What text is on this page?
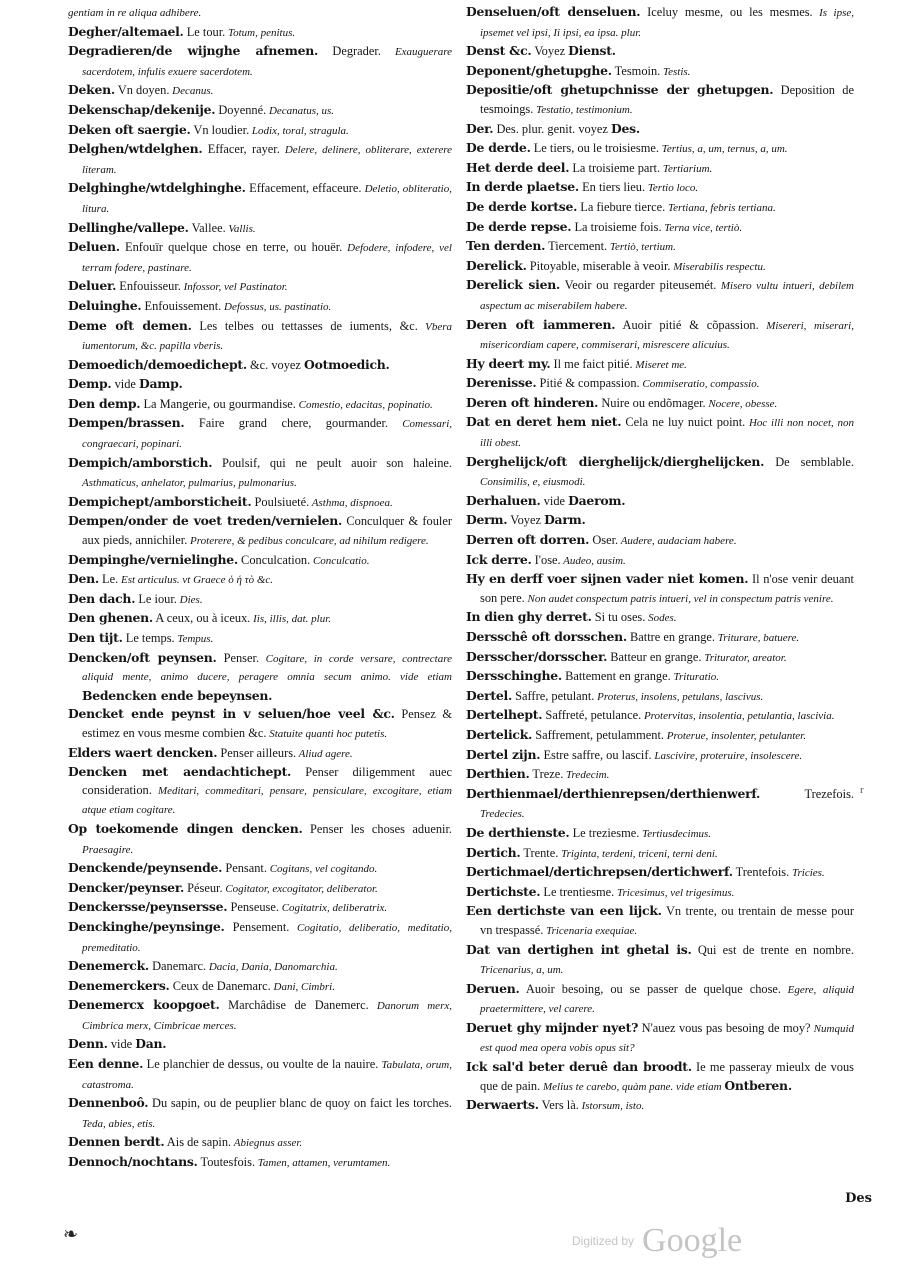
gentiam in re aliqua adhibere.
Degher/altemael. Le tour. Totum, penitus.
Degradieren/de wijnghe afnemen. Degrader. Exauguerare sacerdotem, infulis exuere sacerdotem.
Deken. Vn doyen. Decanus.
Dekenschap/dekenije. Doyenné. Decanatus, us.
Deken oft saergie. Vn loudier. Lodix, toral, stragula.
Delghen/wtdelghen. Effacer, rayer. Delere, delinere, obliterare, exterere literam.
Delghinghe/wtdelghinghe. Effacement, effaceure. Deletio, obliteratio, litura.
Dellinghe/vallepe. Vallee. Vallis.
Deluen. Enfouïr quelque chose en terre, ou houër. Defodere, infodere, vel terram fodere, pastinare.
Deluer. Enfouisseur. Infossor, vel Pastinator.
Deluinghe. Enfouissement. Defossus, us. pastinatio.
Deme oft demen. Les telbes ou tettasses de iuments, &c. Vbera iumentorum, &c. papilla vberis.
Demoedich/demoedichept. &c. voyez Ootmoedich.
Demp. vide Damp.
Den demp. La Mangerie, ou gourmandise. Comestio, edacitas, popinatio.
Dempen/brassen. Faire grand chere, gourmander. Comessari, congraecari, popinari.
Dempich/amborstich. Poulsif, qui ne peult auoir son haleine. Asthmaticus, anhelator, pulmarius, pulmonarius.
Dempichept/amborsticheit. Poulsiueté. Asthma, dispnoea.
Dempen/onder de voet treden/vernielen. Conculquer & fouler aux pieds, annichiler. Proterere, & pedibus conculcare, ad nihilum redigere.
Dempinghe/vernielinghe. Conculcation. Conculcatio.
Den. Le. Est articulus. vt Graece ὁ ἡ τὸ &c.
Den dach. Le iour. Dies.
Den ghenen. A ceux, ou à iceux. Iis, illis, dat. plur.
Den tijt. Le temps. Tempus.
Dencken/oft peynsen. Penser. Cogitare, in corde versare, contrectare aliquid mente, animo ducere, peragere omnia secum animo. vide etiam Bedencken ende bepeynsen.
Dencket ende peynst in v seluen/hoe veel &c. Pensez & estimez en vous mesme combien &c. Statuite quanti hoc putetis.
Elders waert dencken. Penser ailleurs. Aliud agere.
Dencken met aendachtichept. Penser diligemment auec consideration. Meditari, commeditari, pensare, pensiculare, excogitare, etiam atque etiam cogitare.
Op toekomende dingen dencken. Penser les choses aduenir. Praesagire.
Denckende/peynsende. Pensant. Cogitans, vel cogitando.
Dencker/peynser. Péseur. Cogitator, excogitator, deliberator.
Denckersse/peynsersse. Penseuse. Cogitatrix, deliberatrix.
Denckinghe/peynsinge. Pensement. Cogitatio, deliberatio, meditatio, premeditatio.
Denemerck. Danemarc. Dacia, Dania, Danomarchia.
Denemerckers. Ceux de Danemarc. Dani, Cimbri.
Denemercx koopgoet. Marchâdise de Danemerc. Danorum merx, Cimbrica merx, Cimbricae merces.
Denn. vide Dan.
Een denne. Le planchier de dessus, ou voulte de la nauire. Tabulata, orum, catastroma.
Dennenboô. Du sapin, ou de peuplier blanc de quoy on faict les torches. Teda, abies, etis.
Dennen berdt. Ais de sapin. Abiegnus asser.
Dennoch/nochtans. Toutesfois. Tamen, attamen, verumtamen.
Denseluen/oft denseluen. Iceluy mesme, ou les mesmes. Is ipse, ipsemet vel ipsi, Ii ipsi, ea ipsa. plur.
Denst &c. Voyez Dienst.
Deponent/ghetupghe. Tesmoin. Testis.
Depositie/oft ghetupchnisse der ghetupgen. Deposition de tesmoings. Testatio, testimonium.
Der. Des. plur. genit. voyez Des.
De derde. Le tiers, ou le troisiesme. Tertius, a, um, ternus, a, um.
Het derde deel. La troisieme part. Tertiarium.
In derde plaetse. En tiers lieu. Tertio loco.
De derde kortse. La fiebure tierce. Tertiana, febris tertiana.
De derde repse. La troisieme fois. Terna vice, tertiò.
Ten derden. Tiercement. Tertiò, tertium.
Derelick. Pitoyable, miserable à veoir. Miserabilis respectu.
Derelick sien. Veoir ou regarder piteusemét. Misero vultu intueri, debilem aspectum ac miserabilem habere.
Deren oft iammeren. Auoir pitié & cõpassion. Misereri, miserari, misericordiam capere, commiserari, misrescere alicuius.
Hy deert my. Il me faict pitié. Miseret me.
Derenisse. Pitié & compassion. Commiseratio, compassio.
Deren oft hinderen. Nuire ou endõmager. Nocere, obesse.
Dat en deret hem niet. Cela ne luy nuict point. Hoc illi non nocet, non illi obest.
Derghelijck/oft dierghelijck/dierghelijcken. De semblable. Consimilis, e, eiusmodi.
Derhaluen. vide Daerom.
Derm. Voyez Darm.
Derren oft dorren. Oser. Audere, audaciam habere.
Ick derre. I'ose. Audeo, ausim.
Hy en derff voer sijnen vader niet komen. Il n'ose venir deuant son pere. Non audet conspectum patris intueri, vel in conspectum patris venire.
In dien ghy derret. Si tu oses. Sodes.
Dersschê oft dorsschen. Battre en grange. Triturare, batuere.
Dersscher/dorsscher. Batteur en grange. Triturator, areator.
Dersschinghe. Battement en grange. Trituratio.
Dertel. Saffre, petulant. Proterus, insolens, petulans, lascivus.
Dertelhept. Saffreté, petulance. Protervitas, insolentia, petulantia, lascivia.
Dertelick. Saffrement, petulamment. Proterue, insolenter, petulanter.
Dertel zijn. Estre saffre, ou lascif. Lascivire, proteruire, insolescere.
Derthien. Treze. Tredecim.
Derthienmael/derthienrepsen/derthienwerf. Trezefois. Tredecies.
De derthienste. Le treziesme. Tertiusdecimus.
Dertich. Trente. Triginta, terdeni, triceni, terni deni.
Dertichmael/dertichrepsen/dertichwerf. Trentefois. Tricies.
Dertichste. Le trentiesme. Tricesimus, vel trigesimus.
Een dertichste van een lijck. Vn trente, ou trentain de messe pour vn trespassé. Tricenaria exequiae.
Dat van dertighen int ghetal is. Qui est de trente en nombre. Tricenarius, a, um.
Deruen. Auoir besoing, ou se passer de quelque chose. Egere, aliquid praetermittere, vel carere.
Deruet ghy mijnder nyet? N'auez vous pas besoing de moy? Numquid est quod mea opera vobis opus sit?
Ick sal'd beter deruê dan broodt. Ie me passeray mieulx de vous que de pain. Melius te carebo, quàm pane. vide etiam Ontberen.
Derwaerts. Vers là. Istorsum, isto.
r
Des
❧	Digitized by Google
